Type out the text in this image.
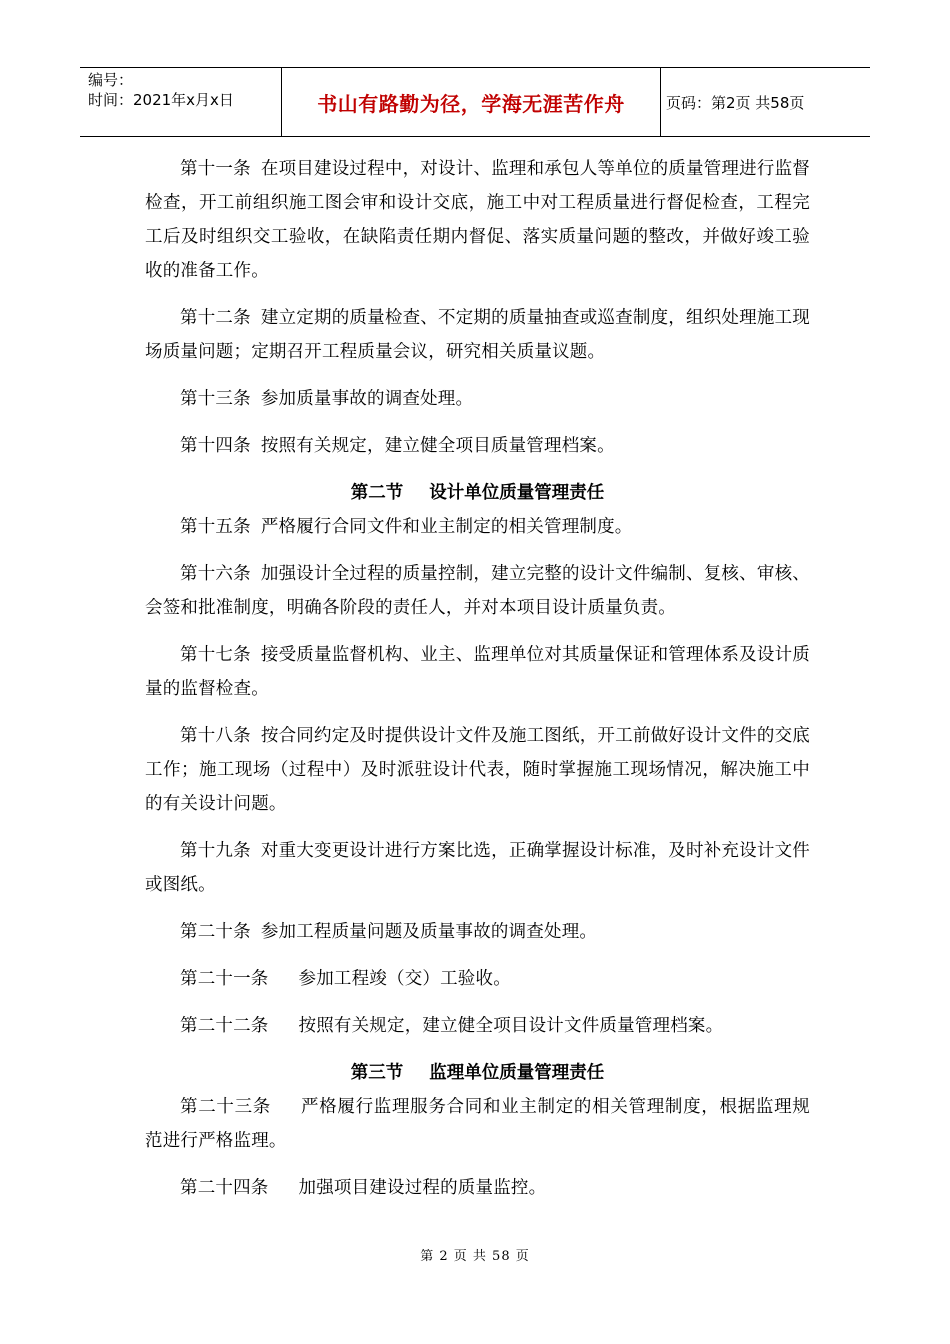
编号：
时间：2021年x月x日	书山有路勤为径，学海无涯苦作舟	页码：第2页 共58页

第十一条 在项目建设过程中，对设计、监理和承包人等单位的质量管理进行监督检查，开工前组织施工图会审和设计交底，施工中对工程质量进行督促检查，工程完工后及时组织交工验收，在缺陷责任期内督促、落实质量问题的整改，并做好竣工验收的准备工作。

第十二条 建立定期的质量检查、不定期的质量抽查或巡查制度，组织处理施工现场质量问题；定期召开工程质量会议，研究相关质量议题。

第十三条 参加质量事故的调查处理。

第十四条 按照有关规定，建立健全项目质量管理档案。

第二节 设计单位质量管理责任

第十五条 严格履行合同文件和业主制定的相关管理制度。

第十六条 加强设计全过程的质量控制，建立完整的设计文件编制、复核、审核、会签和批准制度，明确各阶段的责任人，并对本项目设计质量负责。

第十七条 接受质量监督机构、业主、监理单位对其质量保证和管理体系及设计质量的监督检查。

第十八条 按合同约定及时提供设计文件及施工图纸，开工前做好设计文件的交底工作；施工现场（过程中）及时派驻设计代表，随时掌握施工现场情况，解决施工中的有关设计问题。

第十九条 对重大变更设计进行方案比选，正确掌握设计标准，及时补充设计文件或图纸。

第二十条 参加工程质量问题及质量事故的调查处理。

第二十一条 参加工程竣（交）工验收。

第二十二条 按照有关规定，建立健全项目设计文件质量管理档案。

第三节 监理单位质量管理责任

第二十三条 严格履行监理服务合同和业主制定的相关管理制度，根据监理规范进行严格监理。

第二十四条 加强项目建设过程的质量监控。

第 2 页 共 58 页
